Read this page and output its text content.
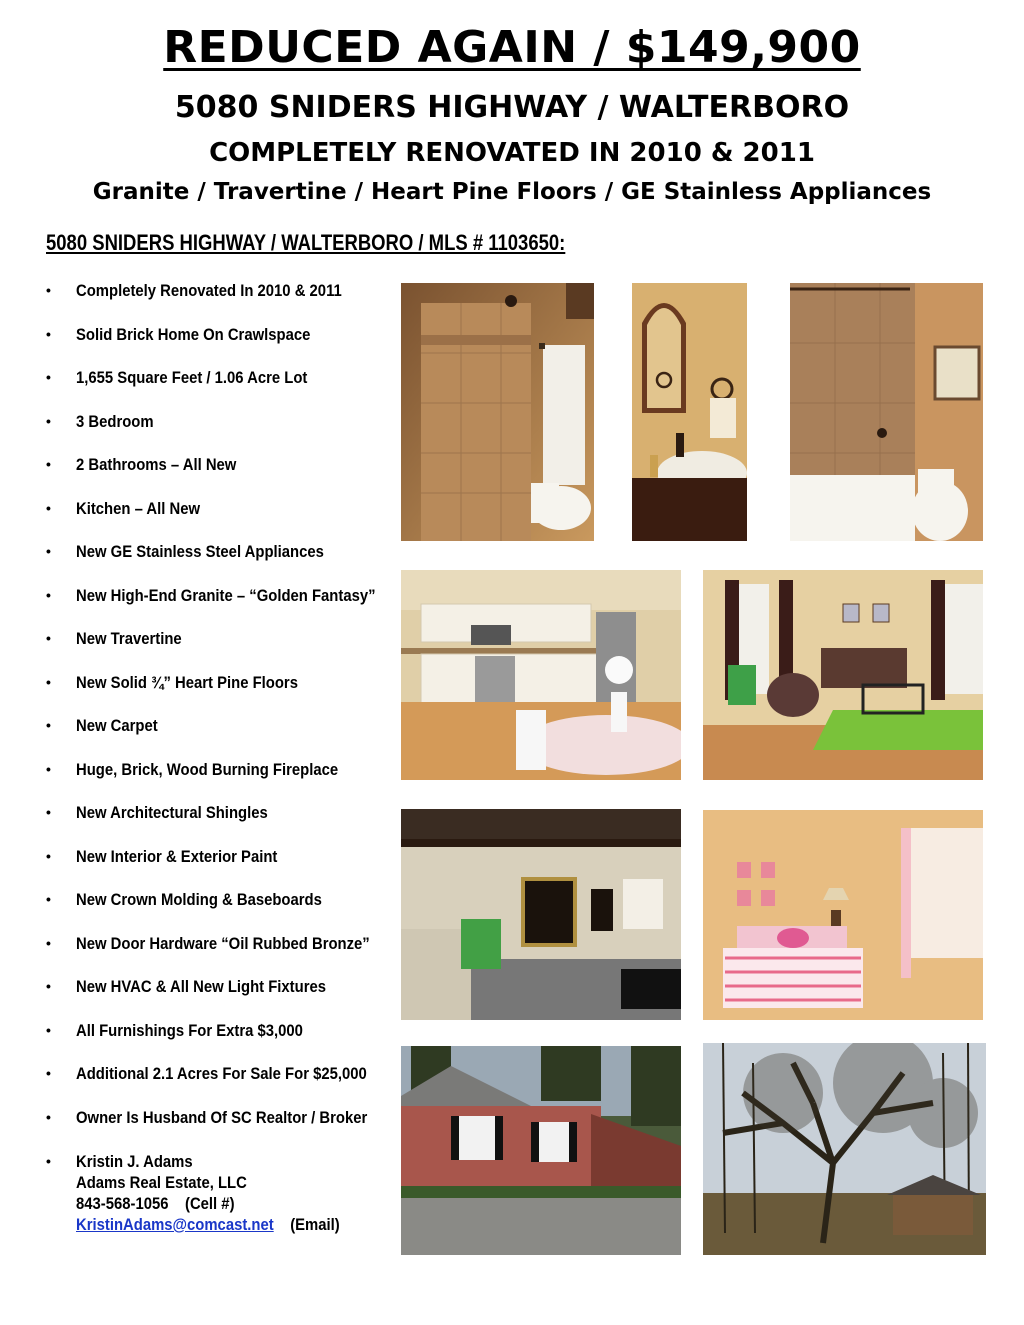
REDUCED AGAIN / $149,900
5080 SNIDERS HIGHWAY / WALTERBORO
COMPLETELY RENOVATED IN 2010 & 2011
Granite / Travertine / Heart Pine Floors / GE Stainless Appliances
5080 SNIDERS HIGHWAY / WALTERBORO / MLS # 1103650:
• Completely Renovated In 2010 & 2011
• Solid Brick Home On Crawlspace
• 1,655 Square Feet / 1.06 Acre Lot
• 3 Bedroom
• 2 Bathrooms – All New
• Kitchen – All New
• New GE Stainless Steel Appliances
• New High-End Granite – “Golden Fantasy”
• New Travertine
• New Solid ¾” Heart Pine Floors
• New Carpet
• Huge, Brick, Wood Burning Fireplace
• New Architectural Shingles
• New Interior & Exterior Paint
• New Crown Molding & Baseboards
• New Door Hardware “Oil Rubbed Bronze”
• New HVAC & All New Light Fixtures
• All Furnishings For Extra $3,000
• Additional 2.1 Acres For Sale For $25,000
• Owner Is Husband Of SC Realtor / Broker
• Kristin J. Adams
Adams Real Estate, LLC
843-568-1056 (Cell #)
KristinAdams@comcast.net (Email)
